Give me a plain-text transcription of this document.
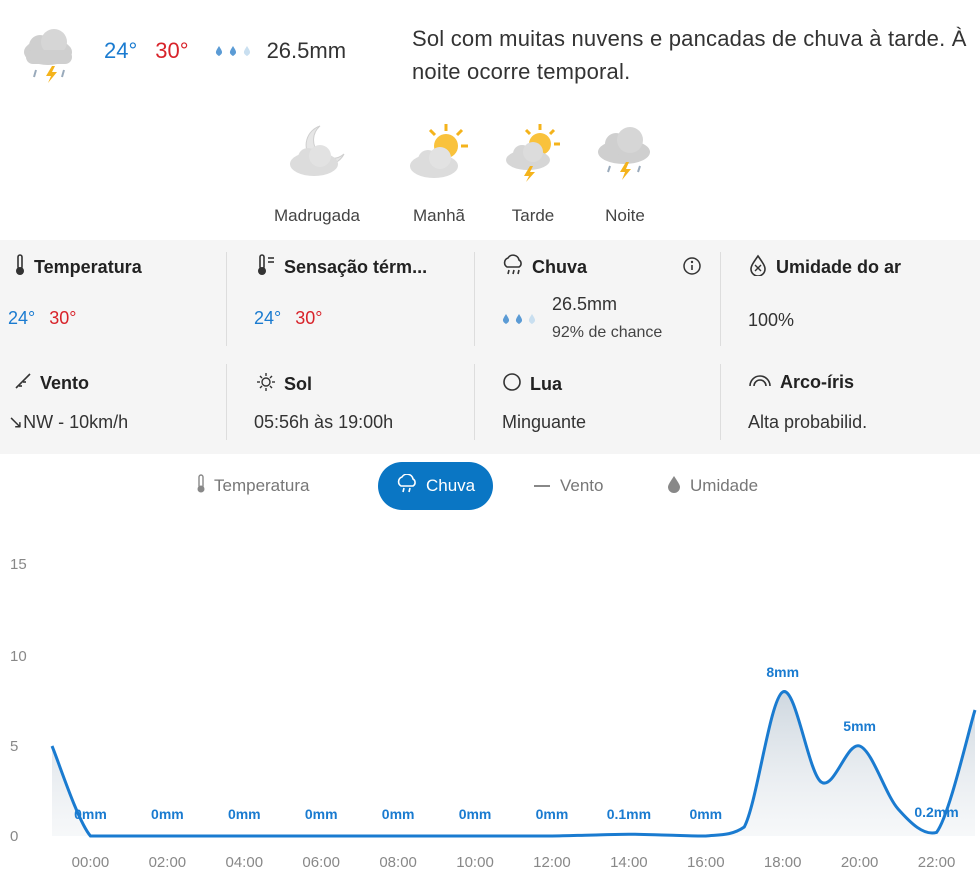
24° 30°	26.5mm	Sol com muitas nuvens e pancadas de chuva à tarde. À noite ocorre temporal.
Madrugada	Manhã	Tarde	Noite
Temperatura
24° 30°
Sensação térm...
24° 30°
Chuva
26.5mm
92% de chance
Umidade do ar
100%
Vento
↘NW - 10km/h
Sol
05:56h às 19:00h
Lua
Minguante
Arco-íris
Alta probabilid.
Temperatura	Chuva	Vento	Umidade
15
10
5
0
0mm	0mm	0mm	0mm	0mm	0mm	0mm	0.1mm	0mm
8mm
5mm
0.2mm
00:00	02:00	04:00	06:00	08:00	10:00	12:00	14:00	16:00	18:00	20:00	22:00
